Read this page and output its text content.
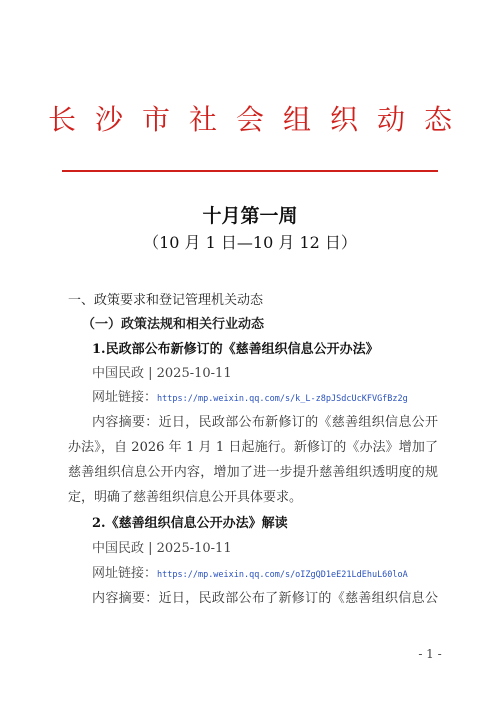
长沙市社会组织动态
十月第一周
（10 月 1 日—10 月 12 日）
一、政策要求和登记管理机关动态
（一）政策法规和相关行业动态
1.民政部公布新修订的《慈善组织信息公开办法》
中国民政 | 2025-10-11
网址链接：https://mp.weixin.qq.com/s/k_L-z8pJSdcUcKFVGfBz2g
内容摘要：近日，民政部公布新修订的《慈善组织信息公开
办法》，自 2026 年 1 月 1 日起施行。新修订的《办法》增加了
慈善组织信息公开内容，增加了进一步提升慈善组织透明度的规
定，明确了慈善组织信息公开具体要求。
2.《慈善组织信息公开办法》解读
中国民政 | 2025-10-11
网址链接：https://mp.weixin.qq.com/s/oIZgQD1eE21LdEhuL60loA
内容摘要：近日，民政部公布了新修订的《慈善组织信息公
- 1 -
